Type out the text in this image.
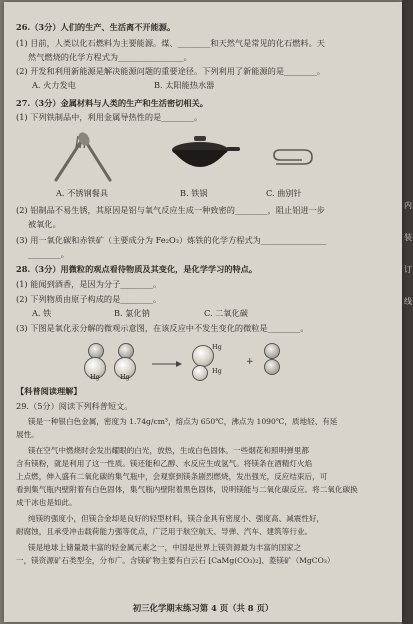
内
装
订
线
26.（3分）人们的生产、生活离不开能源。
(1) 目前，人类以化石燃料为主要能源。煤、________和天然气是常见的化石燃料。天
然气燃烧的化学方程式为________________。
(2) 开发和利用新能源是解决能源问题的重要途径。下列利用了新能源的是________。
A. 火力发电	B. 太阳能热水器
27.（3分）金属材料与人类的生产和生活密切相关。
(1) 下列铁制品中，利用金属导热性的是________。
A. 不锈钢餐具	B. 铁锅	C. 曲别针
(2) 铝制品不易生锈，其原因是铝与氧气反应生成一种致密的________，阻止铝进一步
被氧化。
(3) 用一氧化碳和赤铁矿（主要成分为 Fe₂O₃）炼铁的化学方程式为________________
________。
28.（3分）用微粒的观点看待物质及其变化，是化学学习的特点。
(1) 能闻到酒香，是因为分子________。
(2) 下列物质由原子构成的是________。
A. 铁	B. 氯化钠	C. 二氧化碳
(3) 下图是氧化汞分解的微观示意图，在该反应中不发生变化的微粒是________。
Hg	Hg
Hg
Hg
+
【科普阅读理解】
29.（5分）阅读下列科普短文。
镁是一种银白色金属，密度为 1.74g/cm³，熔点为 650℃，沸点为 1090℃，质地轻、有延
展性。
镁在空气中燃烧时会发出耀眼的白光，放热，生成白色固体。一些烟花和照明弹里都
含有镁粉，就是利用了这一性质。镁还能和乙醇、水反应生成氢气。将镁条在酒精灯火焰
上点燃，伸入盛有二氧化碳的集气瓶中，会观察到镁条剧烈燃烧，发出强光，反应结束后，可
看到集气瓶内壁附着有白色固体，集气瓶内壁附着黑色固体，说明镁能与二氧化碳反应。将二氧化碳换
成干冰也是如此。
纯镁的强度小，但镁合金却是良好的轻型材料，镁合金具有密度小、强度高、减震性好，
耐腐蚀，且承受冲击载荷能力强等优点，广泛用于航空航天、导弹、汽车、建筑等行业。
镁是地球上储量最丰富的轻金属元素之一，中国是世界上镁资源最为丰富的国家之
一，镁资源矿石类型全，分布广。含镁矿物主要有白云石 [CaMg(CO₃)₂]、菱镁矿（MgCO₃）
初三化学期末练习第 4 页（共 8 页）
